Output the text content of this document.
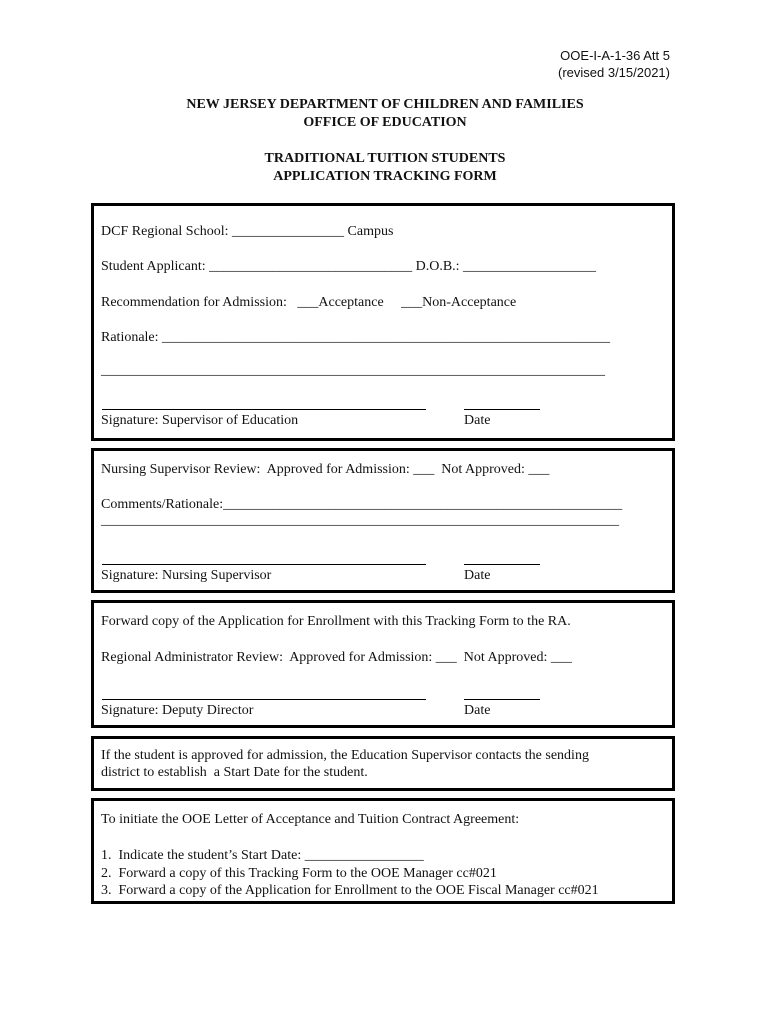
OOE-I-A-1-36 Att 5
(revised 3/15/2021)
NEW JERSEY DEPARTMENT OF CHILDREN AND FAMILIES
OFFICE OF EDUCATION
TRADITIONAL TUITION STUDENTS
APPLICATION TRACKING FORM
DCF Regional School: ________________ Campus
Student Applicant: _____________________________ D.O.B.: ___________________
Recommendation for Admission:   ___Acceptance     ___Non-Acceptance
Rationale: ________________________________________________________________
________________________________________________________________________
Signature: Supervisor of Education	Date
Nursing Supervisor Review:  Approved for Admission: ___  Not Approved: ___
Comments/Rationale:_________________________________________________________
__________________________________________________________________________
Signature: Nursing Supervisor	Date
Forward copy of the Application for Enrollment with this Tracking Form to the RA.
Regional Administrator Review:  Approved for Admission: ___  Not Approved: ___
Signature: Deputy Director	Date
If the student is approved for admission, the Education Supervisor contacts the sending
district to establish  a Start Date for the student.
To initiate the OOE Letter of Acceptance and Tuition Contract Agreement:
1.  Indicate the student’s Start Date: _________________
2.  Forward a copy of this Tracking Form to the OOE Manager cc#021
3.  Forward a copy of the Application for Enrollment to the OOE Fiscal Manager cc#021
